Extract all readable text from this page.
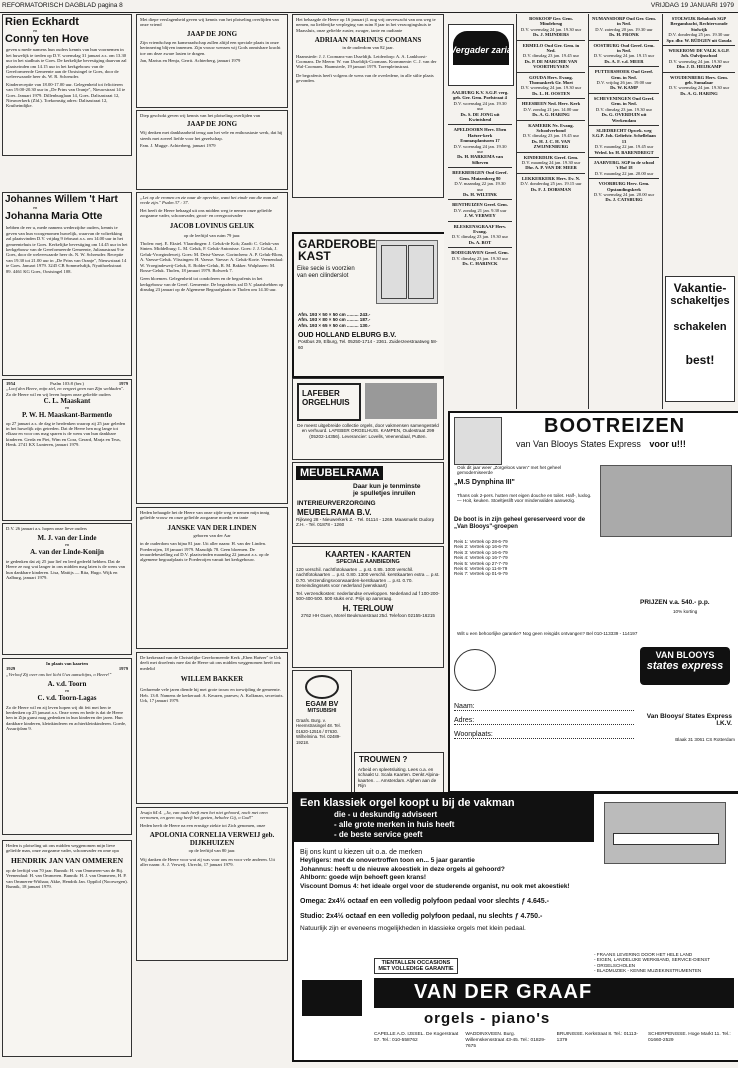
REFORMATORISCH DAGBLAD pagina 8	VRIJDAG 19 JANUARI 1979
Rien Eckhardt
en
Conny ten Hove
geven u mede namens hun ouders kennis van hun voornemen in het huwelijk te treden op D.V. woensdag 31 januari a.s. om 13.30 uur in het stadhuis te Goes. De kerkelijke bevestiging daarvan zal plaatsvinden om 14.15 uur in het kerkgebouw van de Gereformeerde Gemeente aan de Oostsingel te Goes, door de weleerwaarde heer ds. W. R. Schreuder.
Kinderreceptie van 18.00-17.00 uur. Gelegenheid tot feliciteren van 19.00-20.30 uur in „De Prins van Oranje", Nieuwstraat 14 te Goes. Januari 1979. Dillenburglaan 14, Goes. Dalisastraat 12, Nieuwerkerk (Zld.). Toekomstig adres: Dalisastraat 12, Kruiheindijke.
Johannes Willem 't Hart
en
Johanna Maria Otte
hebben de eer u, mede namens wederzijdse ouders, kennis te geven van hun voorgenomen huwelijk, waarvan de voltrekking zal plaatsvinden D.V. vrijdag 9 februari a.s. om 14.00 uur in het gemeentehuis te Goes. Kerkelijke bevestiging om 14.45 uur in het kerkgebouw van de Gereformeerde Gemeente, Julianastraat 9 te Goes, door de weleerwaarde heer ds. N. W. Schreuder. Receptie van 19.30 tot 21.00 uur in „De Prins van Oranje", Nieuwstraat 14 te Goes. Januari 1979. 3245 CB Sommelsdijk, Nyatthoekstraat 89. 4461 KG Goes, Oostsingel 108.
1954	Psalm 103:8 (ber.)	1979
„Loof den Heere, mijn ziel, en vergeet geen van Zijn weldaden".
Zo de Heere wil en wij leven hopen onze geliefde ouders
C. L. Maaskant
en
P. W. H. Maaskant-Barmentlo
op 27 januari a.s. de dag te herdenken waarop zij 25 jaar geleden in het huwelijk zijn getreden. Dat de Heere hen nog lange tot elkaar en voor ons mag sparen is de wens van hun dankbare kinderen. Gerda en Piet, Wim en Cora, Gerard, Marja en Teus, Henk. 2741 KX Lunteren, januari 1979.
D.V. 26 januari a.s. hopen onze lieve ouders
M. J. van der Linde
en
A. van der Linde-Konijn
te gedenken dat zij 25 jaar lief en leed gedeeld hebben. Dat de Heere ze nog wat langer in ons midden mag laten is de wens van hun dankbare kinderen. Lisa, Mattijs — Rita, Hugo. Wijk en Aalburg, januari 1979.
In plaats van kaarten
1929	1979
„Verloof Zij over ons het licht Uws aanschijns, o Heere!"
A. v.d. Toorn
en
C. v.d. Toorn-Lagas
Zo de Heere wil en zij leven hopen wij dit feit met hen te herdenken op 25 januari a.s. Onze wens en bede is dat de Heere hen in Zijn gunst mag gedenken in hun kinderen der jaren. Hun dankbare kinderen, kleinkinderen en achterkleinkinderen. Goede, Assurijdam 9.
Heden is plotseling uit ons midden weggenomen mijn lieve geliefde man, onze zorgzame vader, schoonvader en ome opa
HENDRIK JAN VAN OMMEREN
op de leeftijd van 70 jaar. Bunnik: H. van Ommeren-van de Bij. Veenendaal: H. van Ommeren. Bunnik: H. J. van Ommeren, H. P. van Ommeren-Withaar, Akke, Hendrik Jan. Oppilol (Noorwegen). Bunnik, 18 januari 1979.
Met diepe verslagenheid geven wij kennis van het plotseling overlijden van onze vriend
JAAP DE JONG
Zijn vriendschap en kameraadschap zullen altijd een speciale plaats in onze herinnering blijven innemen. Zijn vrouw wensen wij Gods onmisbare kracht toe om deze zware lasten te dragen.
Jan, Marius en Henja, Gerrit. Achterberg, januari 1979
Diep geschokt geven wij kennis van het plotseling overlijden van
JAAP DE JONG
Wij denken met dankbaarheid terug aan het vele en enthousiaste werk, dat hij steeds met zoveel liefde voor het gezelschap.
Fam. J. Mugge. Achterberg, januari 1979
„Let op de vromen en zie naar de oprechte, want het einde van die man zal vrede zijn." Psalm 37 : 37.
Het heeft de Heere behaagd uit ons midden weg te nemen onze geliefde zorgzame vader, schoonvader, groot- en overgrootvader
JACOB LOVINUS GELUK
op de leeftijd van ruim 79 jaar.
Tholen: mej. E. Ekstel. Vlaardingen: J. Geluk-de Kok; Zaadt: C. Geluk-van Sinten. Middelburg: L. M. Geluk, F. Geluk-Antonisse. Goes: J. J. Geluk, J. Geluk-Vroegindeweij. Goes: M. Deist-Vaesse. Gorinchem: A. P. Geluk-Blom, A. Vaesse-Geluk. Vlissingen: H. Vaesse. Vaesse: A. Geluk-Korte. Veenendaal: W. Vroegindeweij-Geluk, E. Bolder-Geluk, R. M. Bakker. Walpharen: M. Bosse-Geluk. Tholen, 18 januari 1979. Bolwerk 7.
Geen bloemen. Gelegenheid tot condoleren en de begrafenis in het kerkgebouw van de Geref. Gemeente. De begrafenis zal D.V. plaatshebben op dinsdag 23 januari op de Algemene Begraafplaats te Tholen om 14.30 uur.
Heden behaagde het de Heere van onze zijde weg te nemen mijn innig geliefde vrouw en onze geliefde zorgzame moeder en tante
JANSKE VAN DER LINDEN
geboren van der Aar
in de ouderdom van bijna 81 jaar. Uit aller naam: H. van der Linden. Poederoijen, 18 januari 1979. Maasdijk 78. Geen bloemen. De teraardebestelling zal D.V. plaatsvinden maandag 22 januari a.s. op de algemene begraafplaats te Poederoijen vanuit het kerkgebouw.
De kerkeraad van de Christelijke Gereformeerde Kerk „Eben Haëzer" te Urk deelt met droefenis mee dat de Heere uit ons midden weggenomen heeft ons medelid
WILLEM BAKKER
Gedurende vele jaren diende hij met grote trouw en toewijding de gemeente. Heb. 13:8. Namens de kerkeraad: A. Keuzen, praeses; A. Kolkman, secretaris. Urk, 17 januari 1979.
Jesaja 64:4. „Ja, van ouds heeft men het niet gehoord, noch met oren vernomen, en geen oog heeft het gezien, behalve Gij, o God!"
Heden heeft de Heere na een ernstige ziekte tot Zich genomen, onze
APOLONIA CORNELIA VERWEIJ geb. DIJKHUIZEN
op de leeftijd van 80 jaar.
Wij danken de Heere voor wat zij was voor ons en voor vele anderen. Uit aller naam: A. J. Verweij. Utrecht, 17 januari 1979.
Het behaagde de Heere op 16 januari jl. nog vrij onverwacht van ons weg te nemen, na liefderijke verpleging van ruim 8 jaar in het verzorgingshuis te Maassluis, onze geliefde zuster, zwager, tante en oudtante
ADRIAAN MARINUS COOMANS
in de ouderdom van 82 jaar.
Haamstede: J. J. Coomans-van IJsseldijk. Leiderdorp: A. A. Lankhorst-Coomans. De Meern: W. van IJsseldijk-Coomans. Krommenie: C. J. van der Wal-Coomans. Haamstede, 19 januari 1979. Torenpleinstraat.
De begrafenis heeft volgens de wens van de overledene, in alle stilte plaats gevonden.
GARDEROBE KAST
Eike secie is voorzien van een cilinderslot
Afm. 193 × 50 × 50 cm ......... 243.-
Afm. 193 × 80 × 50 cm ......... 187.-
Afm. 193 × 65 × 50 cm ......... 130.-
OUD HOLLAND ELBURG B.V.
Postbus 29, Elburg, Tel. 05250-1714 - 2361. Zuiderzeestraatweg 58-60
LAFEBER ORGELHUIS
De meest uitgebreide collectie orgels, door vakmensen samengesteld en verhuurd. LAFEBER ORGELHUIS. KAMPEN, Oudestraat 299 (05202-14356). Leverancier: Lovells, Veenendaal, Putten.
MEUBELRAMA
Daar kun je tenminste
je spulletjes inruilen
INTERIEURVERZORGING
MEUBELRAMA B.V.
Rijkweg 28 - Nieuwerkerk Z. - Tel. 01114 - 1269. Maasmarkt Oudorp Z.H. - Tel. 01878 - 1260
KAARTEN - KAARTEN
SPECIALE AANBIEDING
120 verschil. nachtfotokaarten ... p.st. 0.85. 1000 verschil. nachtfotokaarten ... p.st. 0.80. 1300 verschil. kerstkaarten extra ... p.st. 0.70. Verzendingsvoorwaarden-kerstkaarten ... p.st. 0.70. Eeneindingssets voor nederland (wenskaart)
Tel. verzendkosten: nederlandse enveloppen. Nederland ad f 100-200-500-400-500. 500 stuks enz. Prijs op aanvraag.
H. TERLOUW
2762 HH Guen, Morel Beukmanstraat 25d. Telefoon 02155-16215
EGAM BV
MITSUBISHI
Graafs. Burg. v. Heemstrasingel 48. Tel. 01620-12516 / 07630. Wilhelmina. Tel. 02489-19218.
TROUWEN ?
Arbeid en spleetsluiting. Lees o.a. en schaakt U. Scala Kaarten. Denkt Alpina-kaarten. ... Amsterdam. Alphen aan de Rijn
Vergader zaria
AALBURG K.V. S.G.P. verg. geb. Ger. Gem. Poelstraat 4
D.V. woensdag 24 jan. 19.30 uur
Ds. S. DE JONG uit Kwintsheul
APELDOORN Herv. Eben Haëzer-kerk Emmasplantsoen 17
D.V. woensdag 24 jan. 19.30 uur
Ds. H. HARKEMA van Silbeven
BEEKBERGEN Oud Geref. Gem. Muizenberg 80
D.V. maandag 22 jan. 19.30 uur
Ds. H. WILTINK
BENTHUIZEN Geref. Gem.
D.V. zondag 21 jan. 9.30 uur
J. W. VERWEY
BLESKENSGRAAF Herv. Evang.
D.V. dinsdag 23 jan. 19.30 uur
Ds. A. BOT
BODEGRAVEN Geref. Gem.
D.V. dinsdag 23 jan. 19.30 uur
Ds. C. HARINCK
BOSKOOP Ger. Gem. Mindebrug
D.V. woensdag 24 jan. 19.30 uur
Ds. J. MIJNDERS
ERMELO Oud Ger. Gem. in Ned.
D.V. dinsdag 23 jan. 19.45 uur
Ds. P. DE MARCHIE VAN VOORTHUYSEN
GOUDA Herv. Evang. Thomaskerk Gr. Moet
D.V. woensdag 24 jan. 19.30 uur
Ds. L. H. OOSTEN
HEESBEEN Ned. Herv. Kerk
D.V. zondag 21 jan. 14.00 uur
Ds. A. G. HARING
KAMERIK Nv. Evang. Schoolverbond
D.V. dinsdag 23 jan. 19.45 uur
Ds. H. J. C. H. VAN ZWIJNENBURG
KINDERDIJK Geref. Gem.
D.V. maandag 24 jan. 19.30 uur
Dhr. A. P. VAN DE MEER
LEKKERKERK Herv. Ev. N.
D.V. donderdag 25 jan. 19.15 uur
Ds. F. J. DOBSMAN
NUMANSDORP Oud Ger. Gem. in Ned.
D.V. zaterdag 20 jan. 19.30 uur
Ds. H. FRONK
OOSTBURG Oud Geref. Gem. in Ned.
D.V. woensdag 24 jan. 19.15 uur
Ds. A. F. v.d. MEER
PUTTERSHOEK Oud Geref. Gem. in Ned.
D.V. vrijdag 26 jan. 19.00 uur
Ds. W. KAMP
SCHEVENINGEN Oud Geref. Gem. in Ned.
D.V. dinsdag 23 jan. 19.30 uur
Ds. G. OVERDUIN uit Werkendam
SLIEDRECHT Opwek. weg S.G.P. Joh. Geliefstr. Schellelaan 13
D.V. maandag 22 jan. 19.45 uur
Weled. br. H. BARENDREGT
JAARVERG. SGP in de school 't Hof 18
D.V. maandag 22 jan. 20.00 uur
VOORBURG Herv. Gem. Opstandingskerk
D.V. woensdag 24 jan. 20.00 uur
Ds. J. CATSBURG
STOLWIJK Rehoboth SGP Bergambacht, Rechterwoude Stolwijk
D.V. donderdag 25 jan. 19.30 uur
Spr. dhr. W. BÜDGEN uit Gouda
WEKEROM/ DE VALK S.G.P. Joh. Oalvijnschool
D.V. woensdag 24 jan. 19.30 uur
Dhr. J. D. HEIJKAMP
WOUDENBERG Herv. Gem. geb. Sumalaar
D.V. woensdag 24 jan. 19.30 uur
Ds. A. G. HARING
Vakantie-
schakeltjes
schakelen
best!
BOOTREIZEN
van Van Blooys States Express voor u!!!
Ook dit jaar weer „Zorgeloos varen" met het geheel gemoderniseerde
„M.S Dynphina III"
Thans ook 2-pers. hutten met eigen douche en toilet. Half-, luxlog. — Hoit, keuken. Stoeltjeslift voor mindervaliden aanwezig.
De boot is in zijn geheel gereserveerd voor de „Van Blooys"-groepen
Reis 1: Vertrek op 28-6-79
Reis 2: Vertrek op 16-6-79
Reis 3: Vertrek op 16-6-79
Reis 4: Vertrek op 16-7-79
Reis 5: Vertrek op 27-7-79
Reis 6: Vertrek op 11-8-79
Reis 7: Vertrek op 01-9-79
PRIJZEN v.a. 540.- p.p.
10% korting
Wilt u een behoorlijke garantie? Nog geen reisgids ontvangen? Bel 010-113339 - 114197
VAN BLOOYS
states express
Naam:
Adres:
Woonplaats:
Van Blooys/ States Express I.K.V.
Blaak 31 3061 CS Rotterdam
Een klassiek orgel koopt u bij de vakman
die - u deskundig adviseert
- alle grote merken in huis heeft
- de beste service geeft
Bij ons kunt u kiezen uit o.a. de merken
Heyligers: met de onovertroffen toon en... 5 jaar garantie
Johannus: heeft u de nieuwe akoestiek in deze orgels al gehoord?
Ahlborn: goede wijn behoeft geen krans!
Viscount Domus 4: het ideale orgel voor de studerende organist, nu ook met akoestiek!
Omega: 2x4½ octaaf en een volledig polyfoon pedaal voor slechts ƒ 4.645.-
Studio: 2x4½ octaaf en een volledig polyfoon pedaal, nu slechts ƒ 4.750.-
Natuurlijk zijn er eveneens mogelijkheden in klassieke orgels met klein pedaal.
TIENTALLEN OCCASIONS MET VOLLEDIGE GARANTIE
- FRAANS LEVERING DOOR HET HELE LAND
- EIGEN, LANDELIJKE WERKBAND, SERVICE-DIENST
- ORGELSCHOLEN
- BLADMUZIEK - KENNE MUZIEKINSTRUMENTEN
VAN DER GRAAF
orgels - piano's
CAPELLE A.D. IJSSEL. De Kogerstraat 57. Tel.: 010-558762
WADDINXVEEN. Burg. Willemskensstraat 43-45. Tel.: 01829-7675
BRUINISSE. Kerkstraat 8. Tel.: 01113-1379
SCHERPENISSE. Hoge Markt 11. Tel.: 01660-2529
